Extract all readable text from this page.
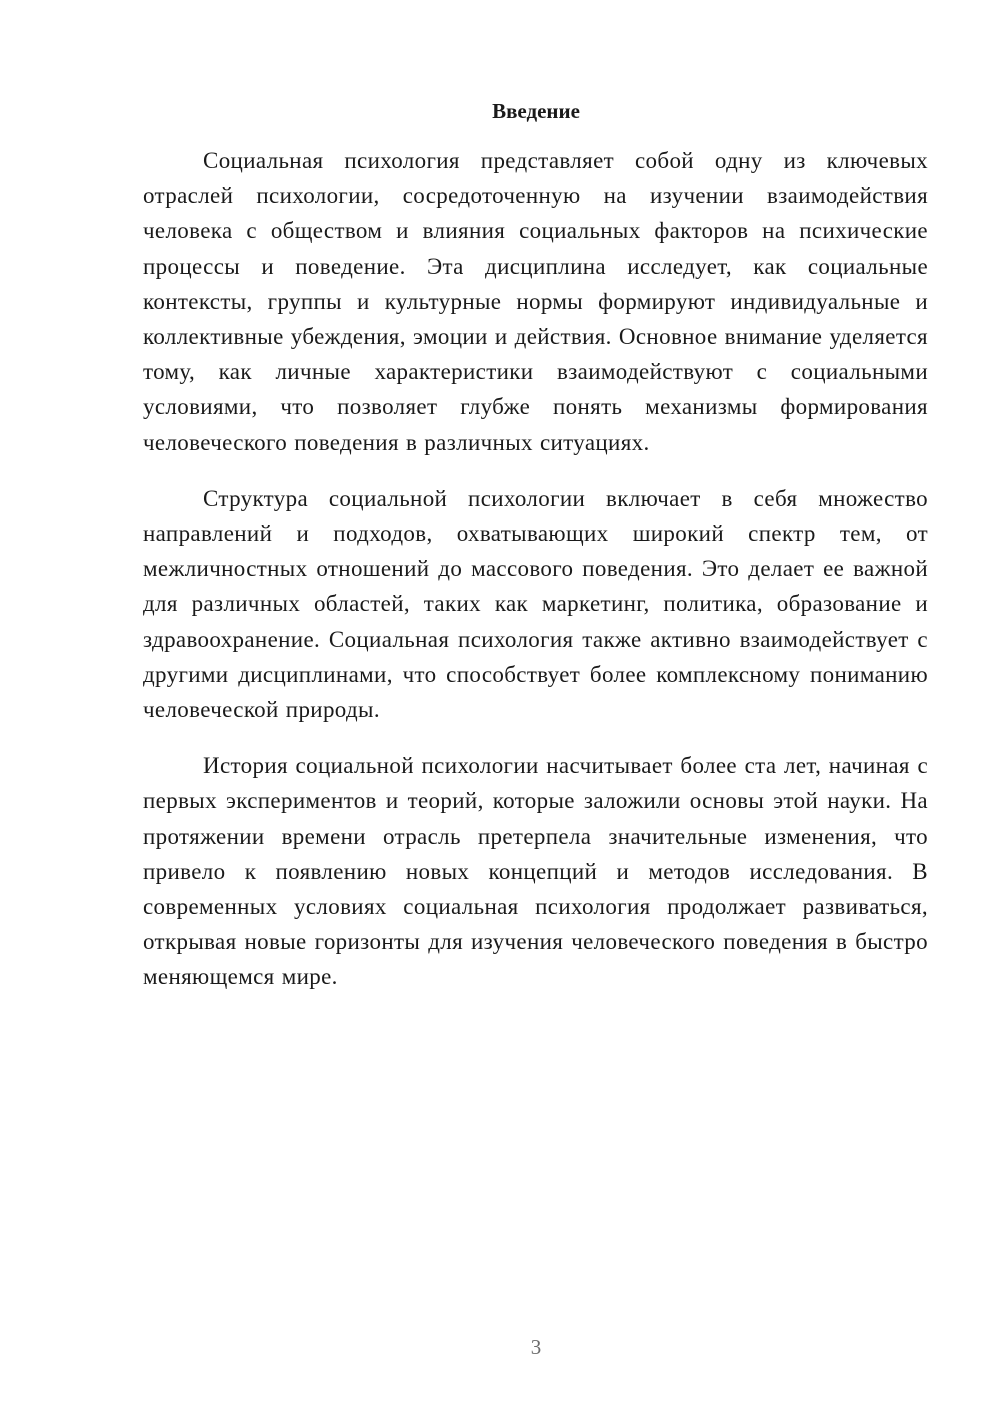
Введение

Социальная психология представляет собой одну из ключевых отраслей психологии, сосредоточенную на изучении взаимодействия человека с обществом и влияния социальных факторов на психические процессы и поведение. Эта дисциплина исследует, как социальные контексты, группы и культурные нормы формируют индивидуальные и коллективные убеждения, эмоции и действия. Основное внимание уделяется тому, как личные характеристики взаимодействуют с социальными условиями, что позволяет глубже понять механизмы формирования человеческого поведения в различных ситуациях.

Структура социальной психологии включает в себя множество направлений и подходов, охватывающих широкий спектр тем, от межличностных отношений до массового поведения. Это делает ее важной для различных областей, таких как маркетинг, политика, образование и здравоохранение. Социальная психология также активно взаимодействует с другими дисциплинами, что способствует более комплексному пониманию человеческой природы.

История социальной психологии насчитывает более ста лет, начиная с первых экспериментов и теорий, которые заложили основы этой науки. На протяжении времени отрасль претерпела значительные изменения, что привело к появлению новых концепций и методов исследования. В современных условиях социальная психология продолжает развиваться, открывая новые горизонты для изучения человеческого поведения в быстро меняющемся мире.

3
